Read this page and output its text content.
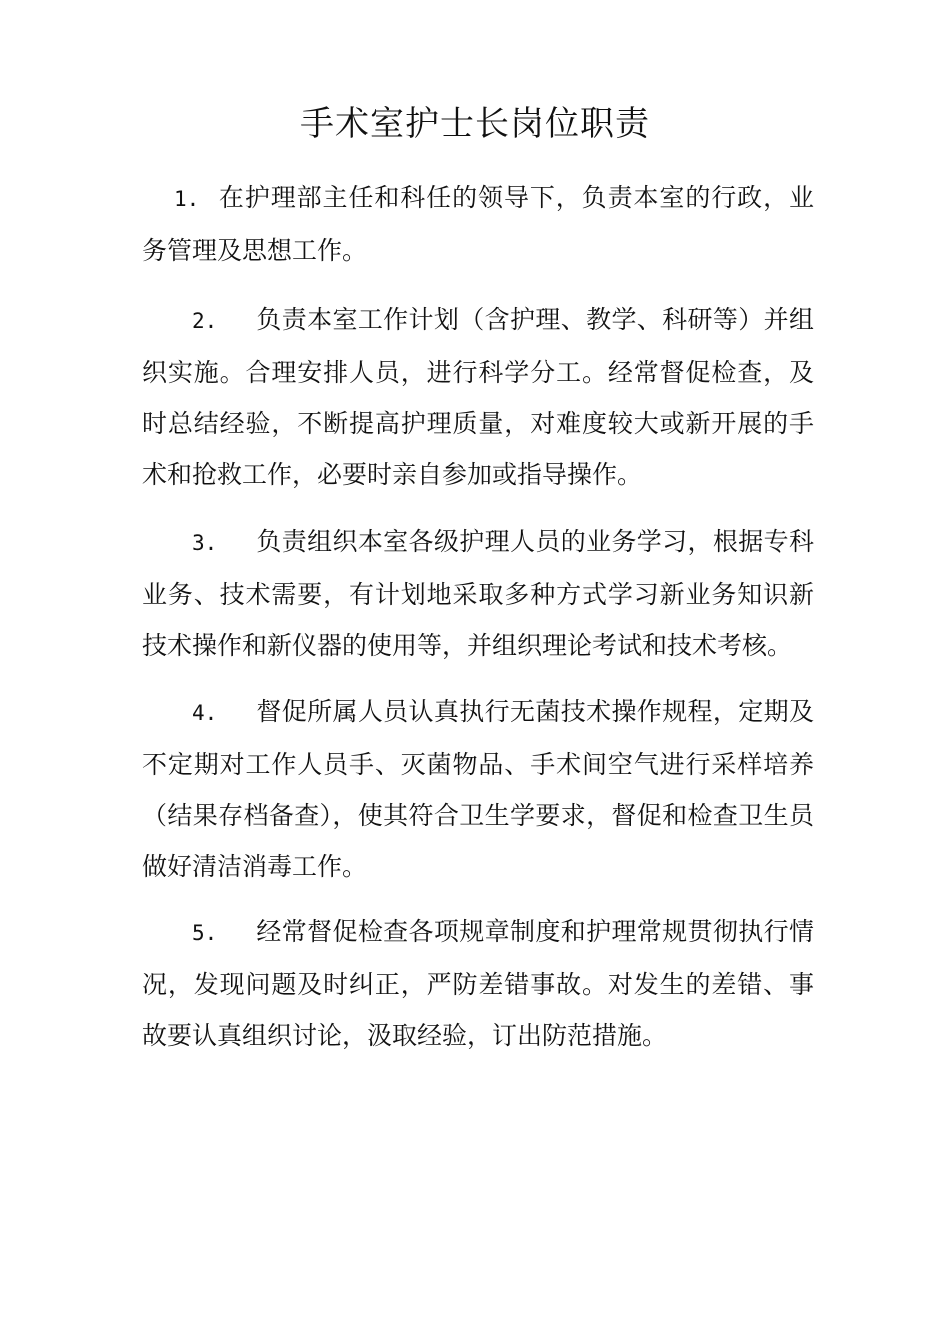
手术室护士长岗位职责

1. 在护理部主任和科任的领导下，负责本室的行政，业务管理及思想工作。

2. 负责本室工作计划（含护理、教学、科研等）并组织实施。合理安排人员，进行科学分工。经常督促检查，及时总结经验，不断提高护理质量，对难度较大或新开展的手术和抢救工作，必要时亲自参加或指导操作。

3. 负责组织本室各级护理人员的业务学习，根据专科业务、技术需要，有计划地采取多种方式学习新业务知识新技术操作和新仪器的使用等，并组织理论考试和技术考核。

4. 督促所属人员认真执行无菌技术操作规程，定期及不定期对工作人员手、灭菌物品、手术间空气进行采样培养（结果存档备查），使其符合卫生学要求，督促和检查卫生员做好清洁消毒工作。

5. 经常督促检查各项规章制度和护理常规贯彻执行情况，发现问题及时纠正，严防差错事故。对发生的差错、事故要认真组织讨论，汲取经验，订出防范措施。
